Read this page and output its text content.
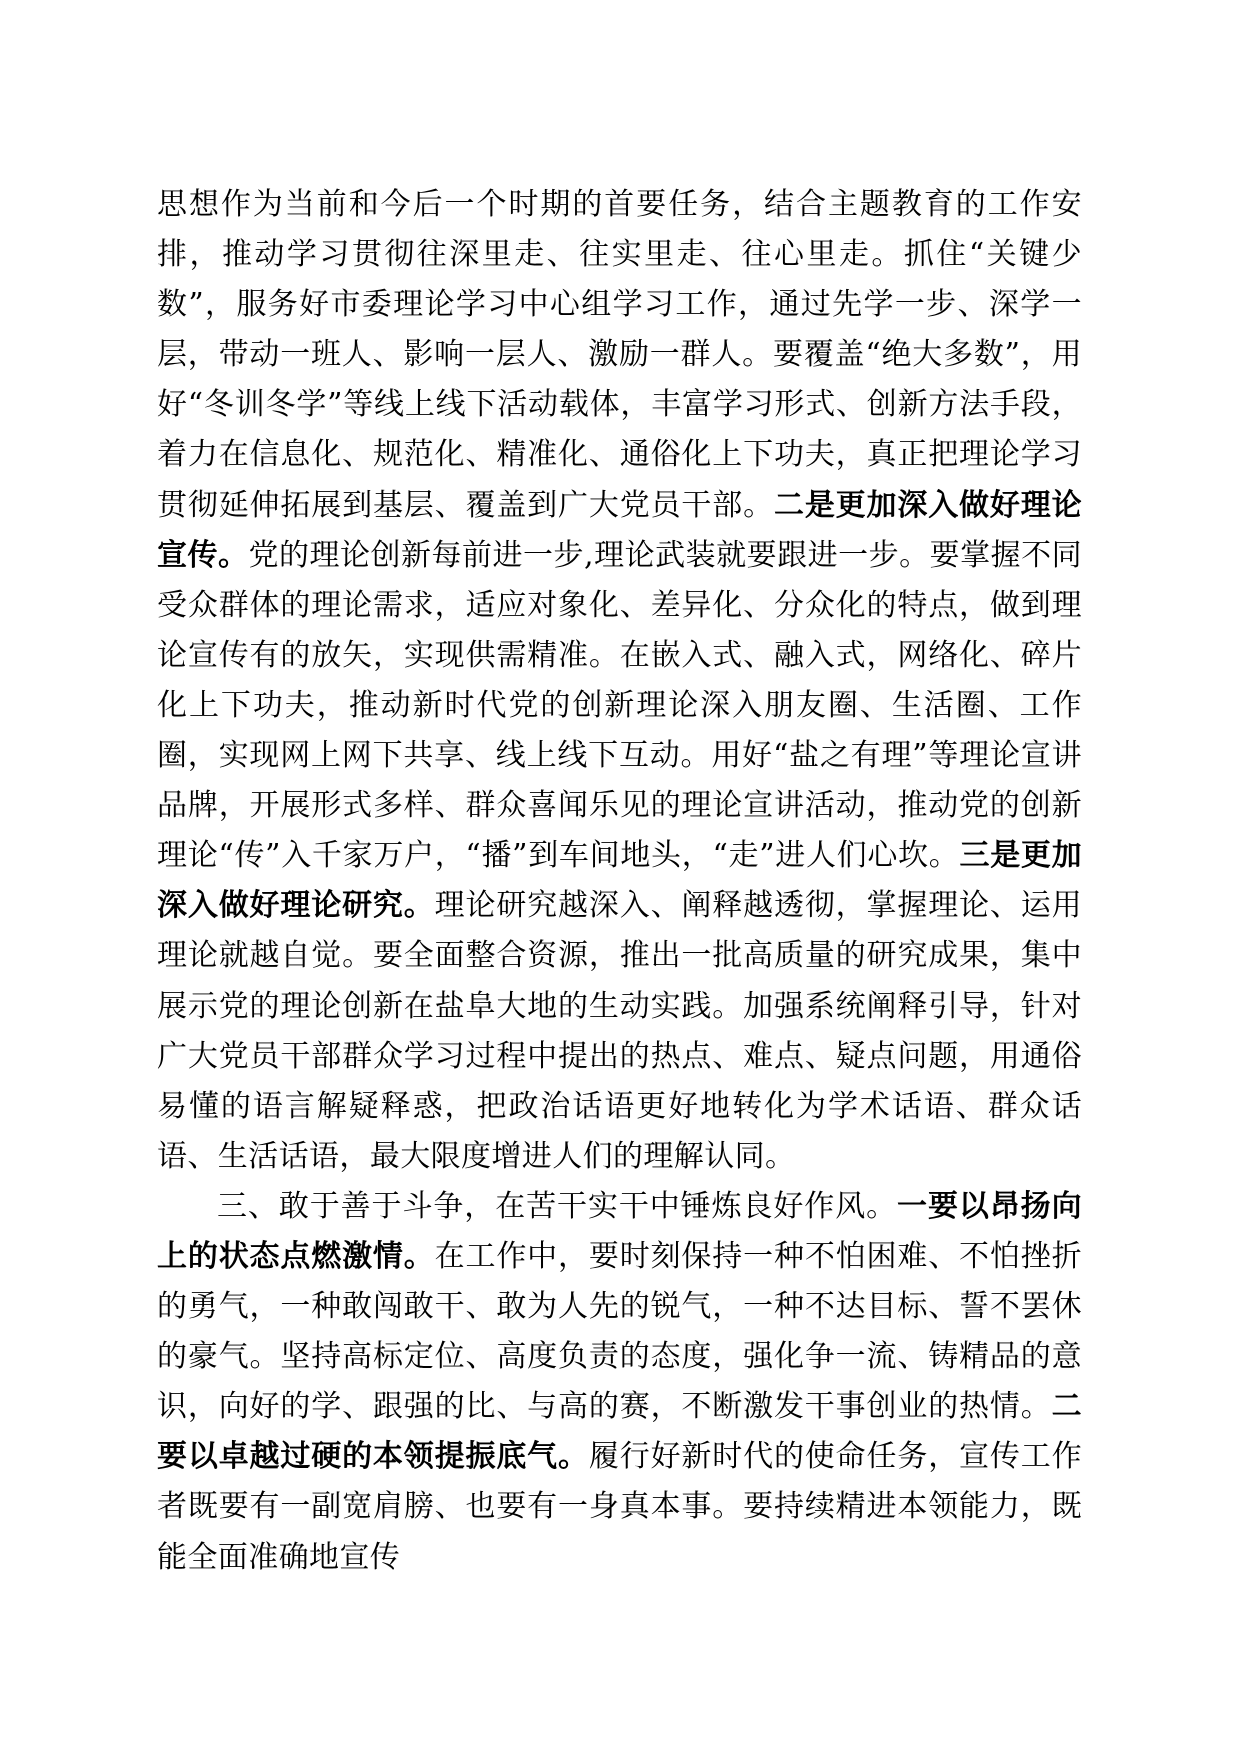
思想作为当前和今后一个时期的首要任务，结合主题教育的工作安排，推动学习贯彻往深里走、往实里走、往心里走。抓住“关键少数”，服务好市委理论学习中心组学习工作，通过先学一步、深学一层，带动一班人、影响一层人、激励一群人。要覆盖“绝大多数”，用好“冬训冬学”等线上线下活动载体，丰富学习形式、创新方法手段，着力在信息化、规范化、精准化、通俗化上下功夫，真正把理论学习贯彻延伸拓展到基层、覆盖到广大党员干部。二是更加深入做好理论宣传。党的理论创新每前进一步,理论武装就要跟进一步。要掌握不同受众群体的理论需求，适应对象化、差异化、分众化的特点，做到理论宣传有的放矢，实现供需精准。在嵌入式、融入式，网络化、碎片化上下功夫，推动新时代党的创新理论深入朋友圈、生活圈、工作圈，实现网上网下共享、线上线下互动。用好“盐之有理”等理论宣讲品牌，开展形式多样、群众喜闻乐见的理论宣讲活动，推动党的创新理论“传”入千家万户，“播”到车间地头，“走”进人们心坎。三是更加深入做好理论研究。理论研究越深入、阐释越透彻，掌握理论、运用理论就越自觉。要全面整合资源，推出一批高质量的研究成果，集中展示党的理论创新在盐阜大地的生动实践。加强系统阐释引导，针对广大党员干部群众学习过程中提出的热点、难点、疑点问题，用通俗易懂的语言解疑释惑，把政治话语更好地转化为学术话语、群众话语、生活话语，最大限度增进人们的理解认同。

三、敢于善于斗争，在苦干实干中锤炼良好作风。一要以昂扬向上的状态点燃激情。在工作中，要时刻保持一种不怕困难、不怕挫折的勇气，一种敢闯敢干、敢为人先的锐气，一种不达目标、誓不罢休的豪气。坚持高标定位、高度负责的态度，强化争一流、铸精品的意识，向好的学、跟强的比、与高的赛，不断激发干事创业的热情。二要以卓越过硬的本领提振底气。履行好新时代的使命任务，宣传工作者既要有一副宽肩膀、也要有一身真本事。要持续精进本领能力，既能全面准确地宣传
